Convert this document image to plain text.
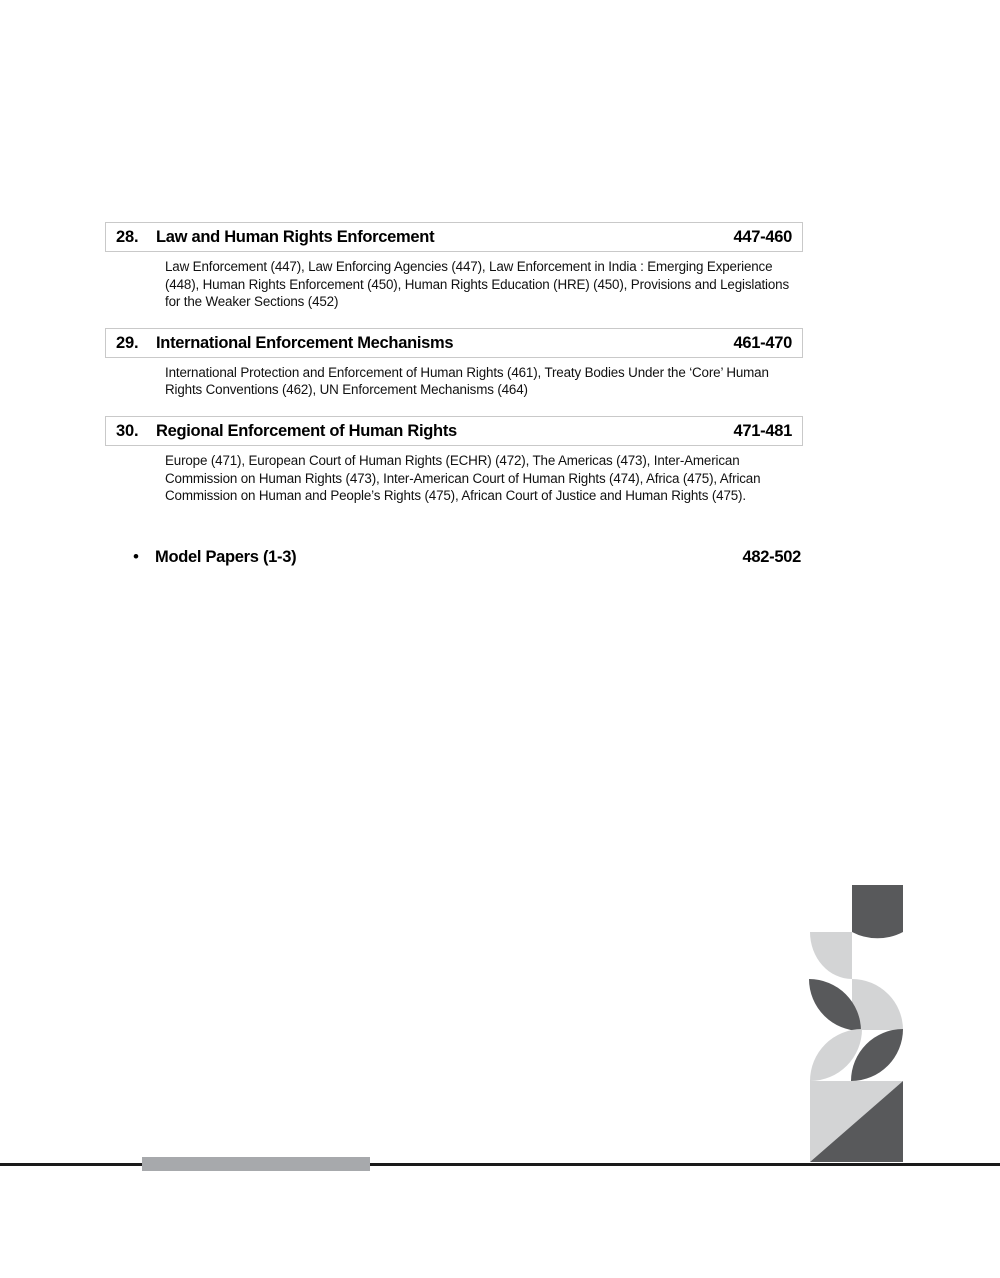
28.	Law and Human Rights Enforcement	447-460
Law Enforcement (447), Law Enforcing Agencies (447), Law Enforcement in India : Emerging Experience (448), Human Rights Enforcement (450), Human Rights Education (HRE) (450), Provisions and Legislations for the Weaker Sections (452)
29.	International Enforcement Mechanisms	461-470
International Protection and Enforcement of Human Rights (461), Treaty Bodies Under the ‘Core’ Human Rights Conventions (462), UN Enforcement Mechanisms (464)
30.	Regional Enforcement of Human Rights	471-481
Europe (471), European Court of Human Rights (ECHR) (472), The Americas (473), Inter-American Commission on Human Rights (473), Inter-American Court of Human Rights (474), Africa (475), African Commission on Human and People’s Rights (475), African Court of Justice and Human Rights (475).
• Model Papers (1-3)	482-502
